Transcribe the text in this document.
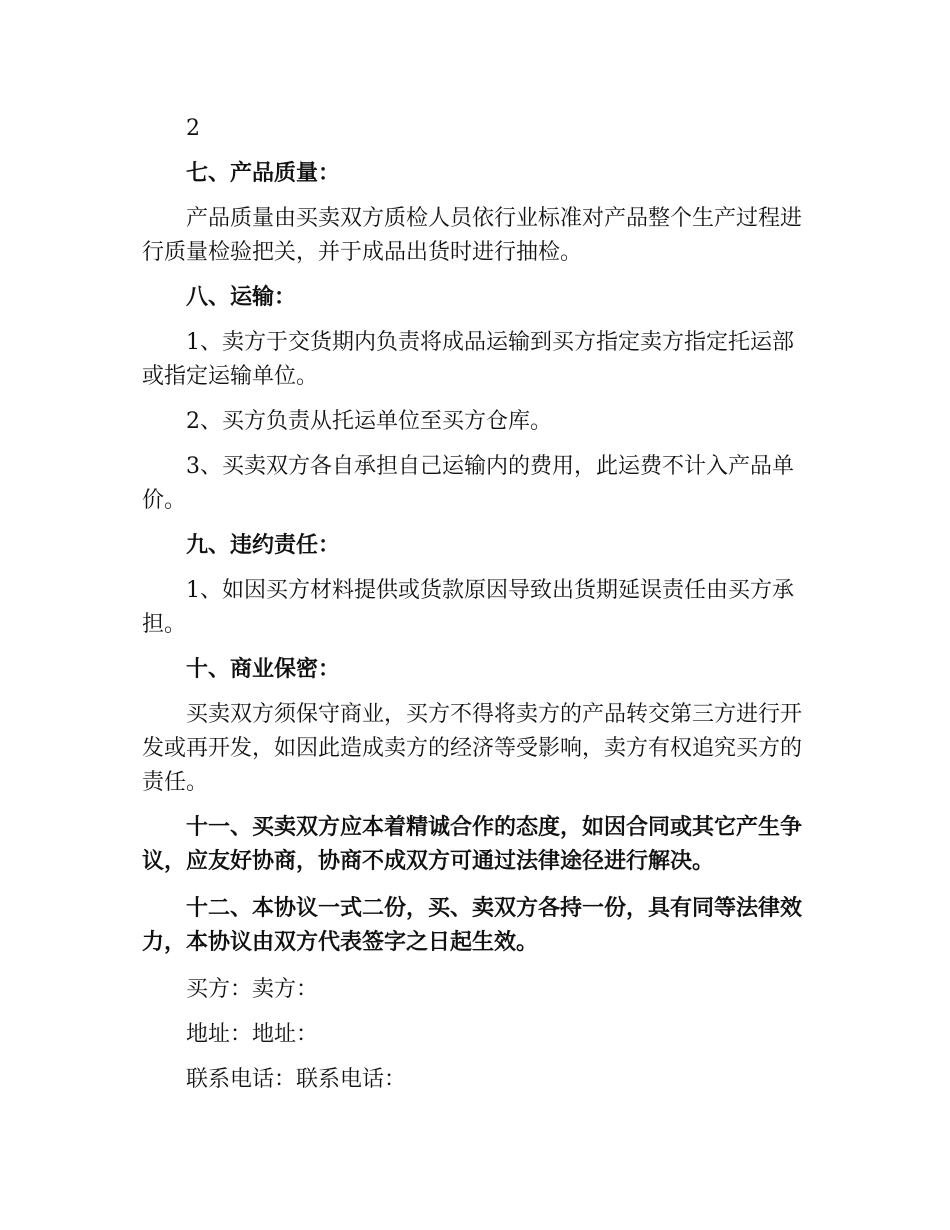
2

七、产品质量：

产品质量由买卖双方质检人员依行业标准对产品整个生产过程进行质量检验把关，并于成品出货时进行抽检。

八、运输：

1、卖方于交货期内负责将成品运输到买方指定卖方指定托运部或指定运输单位。

2、买方负责从托运单位至买方仓库。

3、买卖双方各自承担自己运输内的费用，此运费不计入产品单价。

九、违约责任：

1、如因买方材料提供或货款原因导致出货期延误责任由买方承担。

十、商业保密：

买卖双方须保守商业，买方不得将卖方的产品转交第三方进行开发或再开发，如因此造成卖方的经济等受影响，卖方有权追究买方的责任。

十一、买卖双方应本着精诚合作的态度，如因合同或其它产生争议，应友好协商，协商不成双方可通过法律途径进行解决。

十二、本协议一式二份，买、卖双方各持一份，具有同等法律效力，本协议由双方代表签字之日起生效。

买方：卖方：

地址：地址：

联系电话：联系电话：
